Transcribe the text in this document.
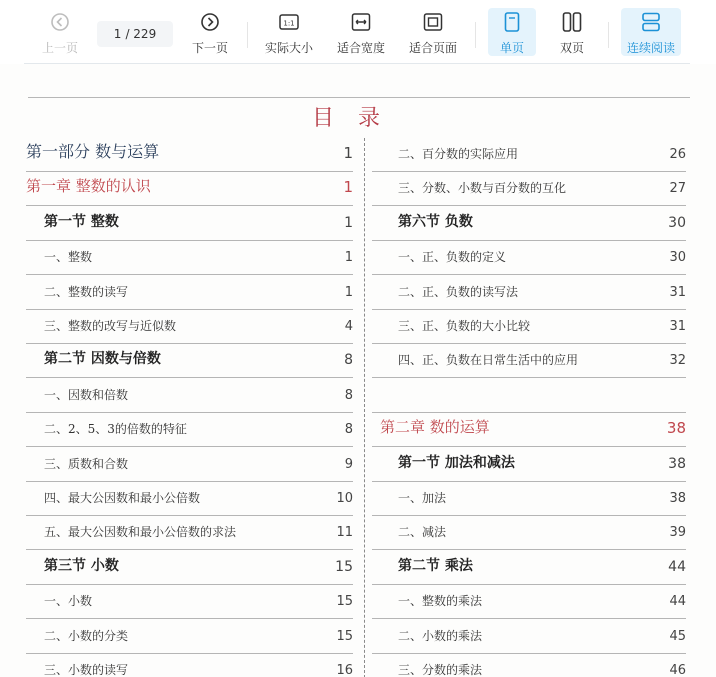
上一页
1 / 229
下一页
1:1
实际大小 适合宽度 适合页面	单页	双页	连续阅读
目录
第一部分 数与运算	1
第一章 整数的认识	1
第一节 整数	1
一、整数	1
二、整数的读写	1
三、整数的改写与近似数	4
第二节 因数与倍数	8
一、因数和倍数	8
二、2、5、3的倍数的特征	8
三、质数和合数	9
四、最大公因数和最小公倍数	10
五、最大公因数和最小公倍数的求法	11
第三节 小数	15
一、小数	15
二、小数的分类	15
三、小数的读写	16
二、百分数的实际应用	26
三、分数、小数与百分数的互化	27
第六节 负数	30
一、正、负数的定义	30
二、正、负数的读写法	31
三、正、负数的大小比较	31
四、正、负数在日常生活中的应用	32
第二章 数的运算	38
第一节 加法和减法	38
一、加法	38
二、减法	39
第二节 乘法	44
一、整数的乘法	44
二、小数的乘法	45
三、分数的乘法	46
